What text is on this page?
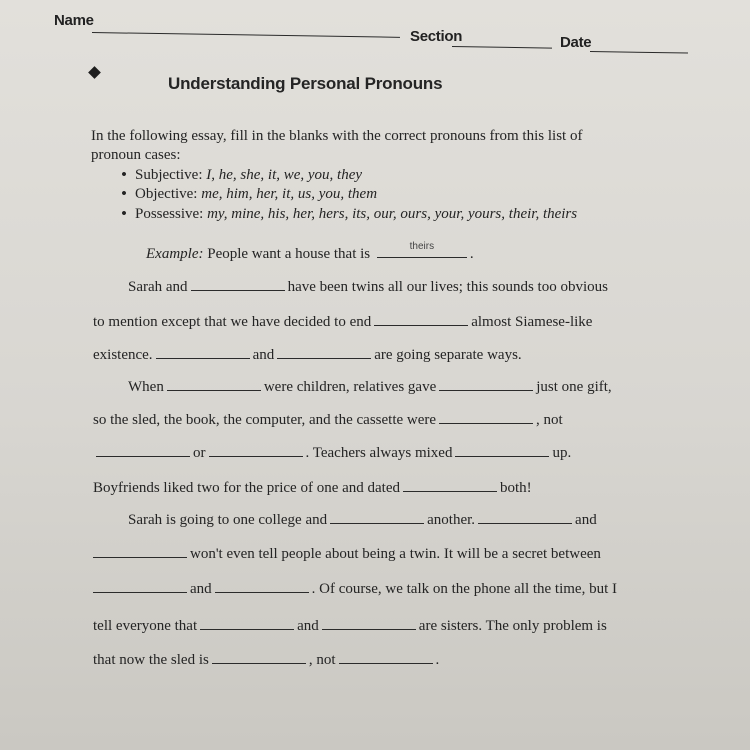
Name
Section	Date
Understanding Personal Pronouns
In the following essay, fill in the blanks with the correct pronouns from this list of
pronoun cases:
• Subjective: I, he, she, it, we, you, they
• Objective: me, him, her, it, us, you, them
• Possessive: my, mine, his, her, hers, its, our, ours, your, yours, their, theirs
Example: People want a house that is	theirs	.
Sarah and	have been twins all our lives; this sounds too obvious
to mention except that we have decided to end	almost Siamese-like
existence.	and	are going separate ways.
When	were children, relatives gave	just one gift,
so the sled, the book, the computer, and the cassette were	, not
or	. Teachers always mixed	up.
Boyfriends liked two for the price of one and dated	both!
Sarah is going to one college and	another.	and
won't even tell people about being a twin. It will be a secret between
and	. Of course, we talk on the phone all the time, but I
tell everyone that	and	are sisters. The only problem is
that now the sled is	, not	.
